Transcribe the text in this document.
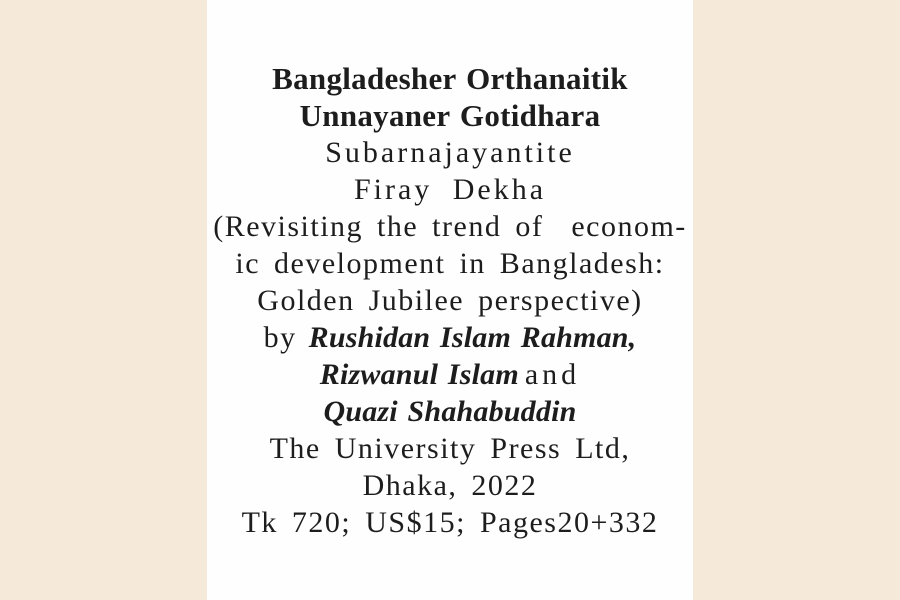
Bangladesher Orthanaitik
Unnayaner Gotidhara
Subarnajayantite
Firay Dekha
(Revisiting the trend of  econom-
ic development in Bangladesh:
Golden Jubilee perspective)
by Rushidan Islam Rahman,
Rizwanul Islam and
Quazi Shahabuddin
The University Press Ltd,
Dhaka, 2022
Tk 720; US$15; Pages20+332
